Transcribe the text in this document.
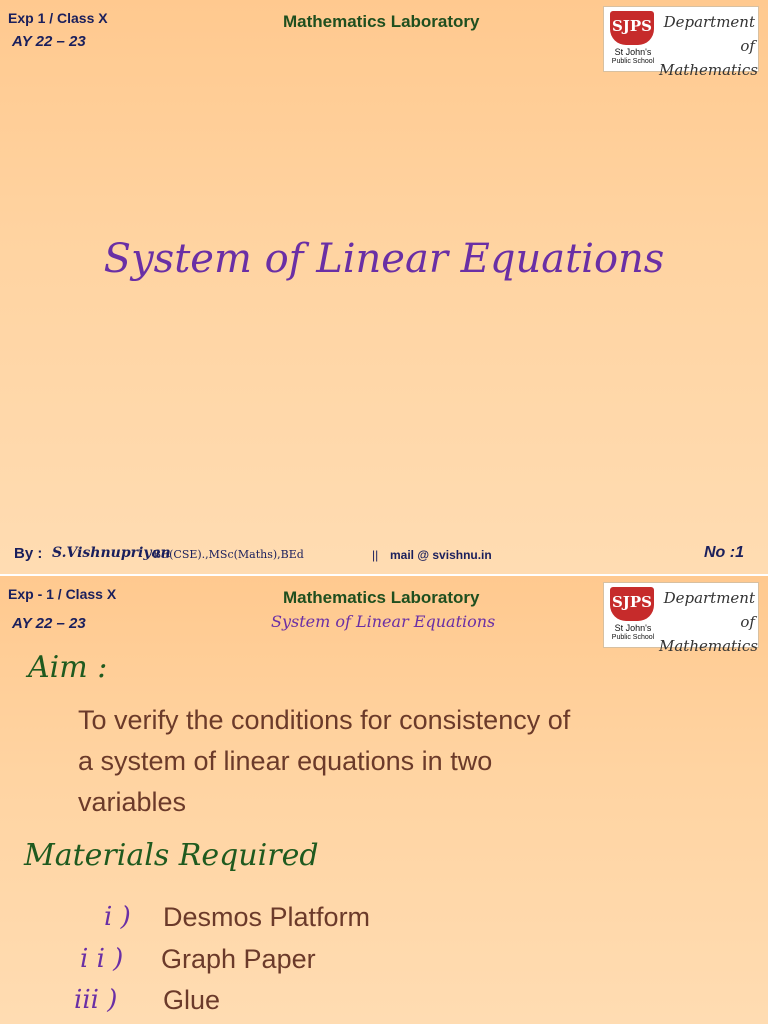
Exp 1 / Class X
AY 22 – 23
Mathematics Laboratory	SJPS
St John's
Public School
Department of
Mathematics
System of Linear Equations
By : S.Vishnupriyan
BE(CSE).,MSc(Maths),BEd	|| mail @ svishnu.in	No :1
Exp - 1 / Class X
AY 22 – 23
Mathematics Laboratory
System of Linear Equations
SJPS
St John's
Public School
Department of
Mathematics
Aim :
To verify the conditions for consistency of
a system of linear equations in two
variables
Materials Required
i ) Desmos Platform
i i ) Graph Paper
iii ) Glue
